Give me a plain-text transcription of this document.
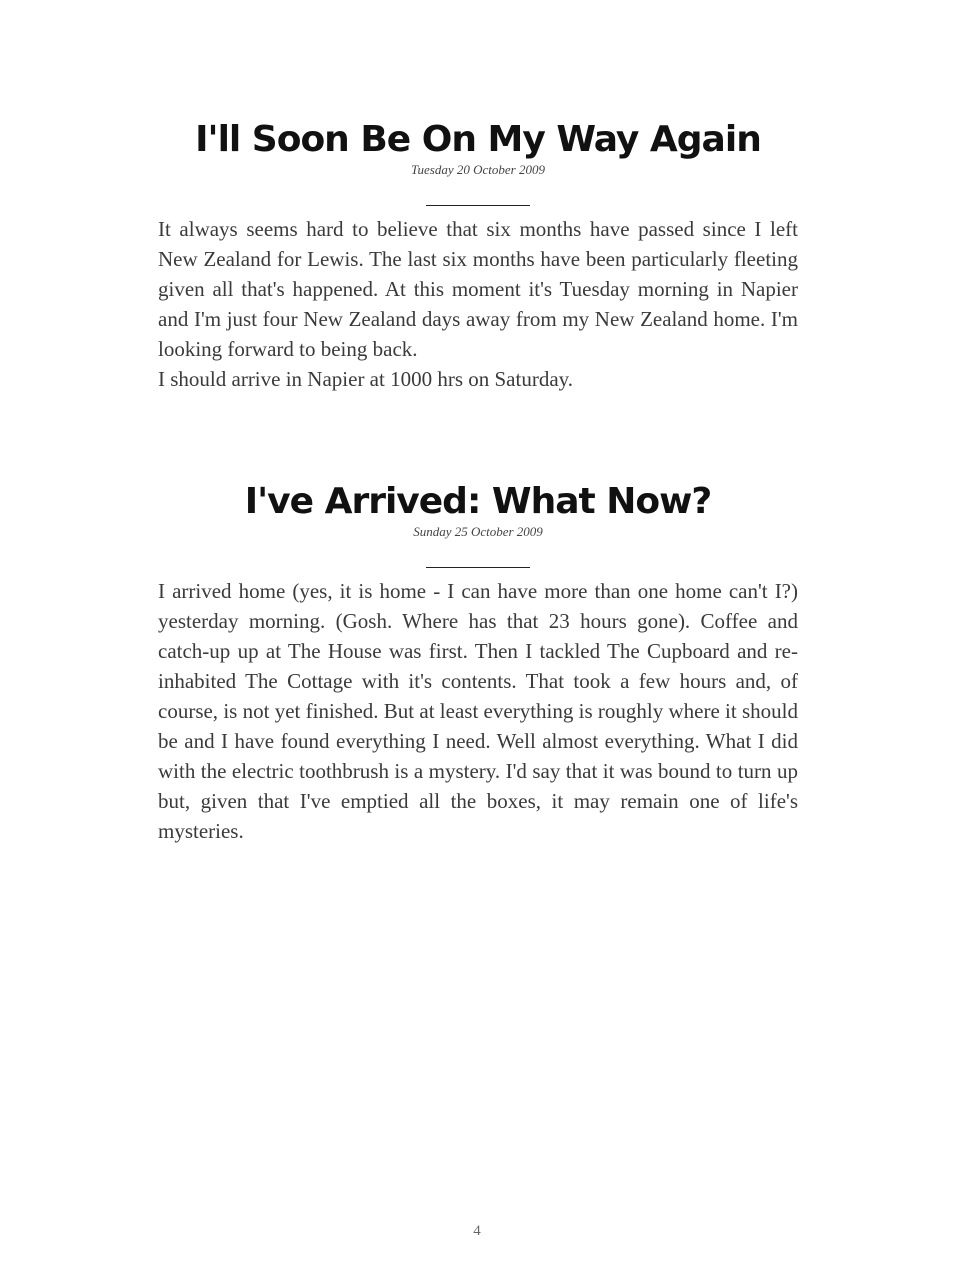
I'll Soon Be On My Way Again
Tuesday 20 October 2009

It always seems hard to believe that six months have passed since I left New Zealand for Lewis. The last six months have been particularly fleeting given all that's happened. At this moment it's Tuesday morning in Napier and I'm just four New Zealand days away from my New Zealand home. I'm looking forward to being back.

I should arrive in Napier at 1000 hrs on Saturday.

I've Arrived: What Now?
Sunday 25 October 2009

I arrived home (yes, it is home - I can have more than one home can't I?) yesterday morning. (Gosh. Where has that 23 hours gone). Coffee and catch-up up at The House was first. Then I tackled The Cupboard and re-inhabited The Cottage with it's contents. That took a few hours and, of course, is not yet finished. But at least everything is roughly where it should be and I have found everything I need. Well almost everything. What I did with the electric toothbrush is a mystery. I'd say that it was bound to turn up but, given that I've emptied all the boxes, it may remain one of life's mysteries.

4
